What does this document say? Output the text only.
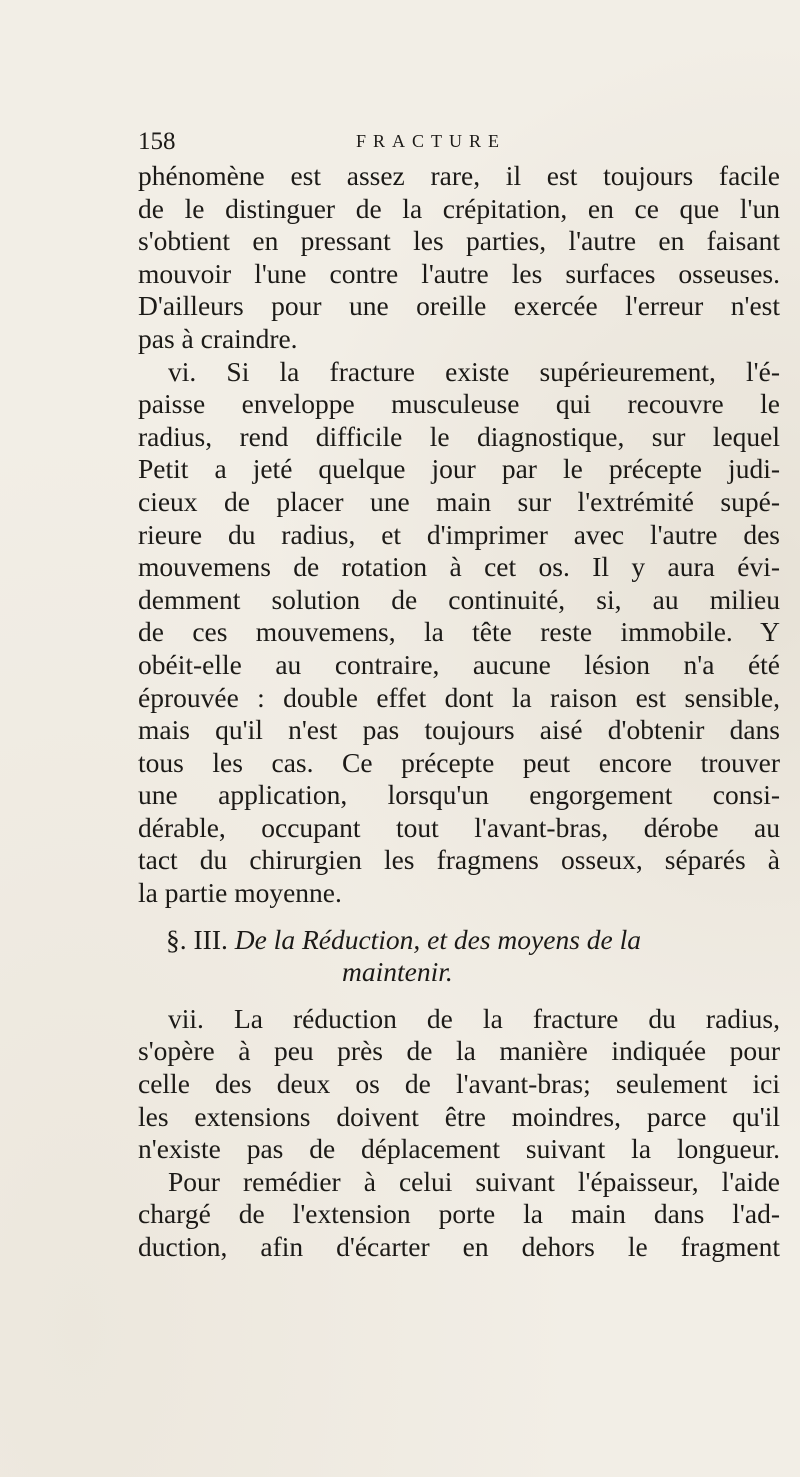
158	FRACTURE
phénomène est assez rare, il est toujours facile
de le distinguer de la crépitation, en ce que l'un
s'obtient en pressant les parties, l'autre en faisant
mouvoir l'une contre l'autre les surfaces osseuses.
D'ailleurs pour une oreille exercée l'erreur n'est
pas à craindre.
vi. Si la fracture existe supérieurement, l'é-
paisse enveloppe musculeuse qui recouvre le
radius, rend difficile le diagnostique, sur lequel
Petit a jeté quelque jour par le précepte judi-
cieux de placer une main sur l'extrémité supé-
rieure du radius, et d'imprimer avec l'autre des
mouvemens de rotation à cet os. Il y aura évi-
demment solution de continuité, si, au milieu
de ces mouvemens, la tête reste immobile. Y
obéit-elle au contraire, aucune lésion n'a été
éprouvée : double effet dont la raison est sensible,
mais qu'il n'est pas toujours aisé d'obtenir dans
tous les cas. Ce précepte peut encore trouver
une application, lorsqu'un engorgement consi-
dérable, occupant tout l'avant-bras, dérobe au
tact du chirurgien les fragmens osseux, séparés à
la partie moyenne.
§. III. De la Réduction, et des moyens de la
maintenir.
vii. La réduction de la fracture du radius,
s'opère à peu près de la manière indiquée pour
celle des deux os de l'avant-bras; seulement ici
les extensions doivent être moindres, parce qu'il
n'existe pas de déplacement suivant la longueur.
Pour remédier à celui suivant l'épaisseur, l'aide
chargé de l'extension porte la main dans l'ad-
duction, afin d'écarter en dehors le fragment
